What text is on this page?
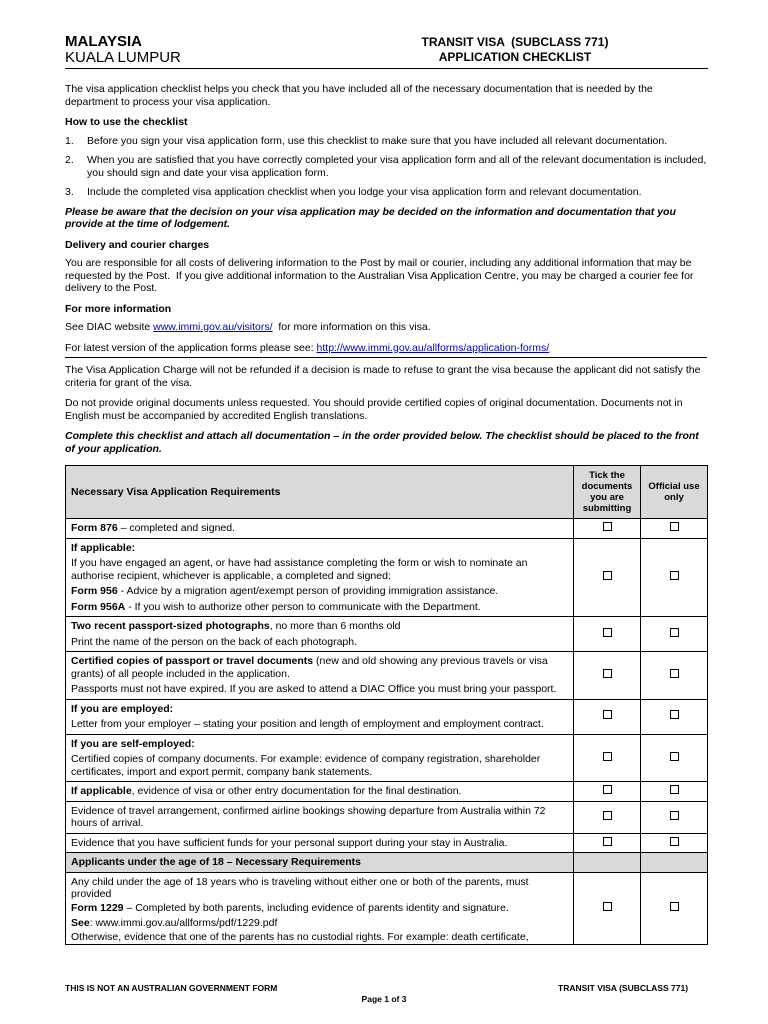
MALAYSIA
KUALA LUMPUR
TRANSIT VISA  (SUBCLASS 771)
APPLICATION CHECKLIST

The visa application checklist helps you check that you have included all of the necessary documentation that is needed by the department to process your visa application.

How to use the checklist

1.	Before you sign your visa application form, use this checklist to make sure that you have included all relevant documentation.
2.	When you are satisfied that you have correctly completed your visa application form and all of the relevant documentation is included, you should sign and date your visa application form.
3.	Include the completed visa application checklist when you lodge your visa application form and relevant documentation.

Please be aware that the decision on your visa application may be decided on the information and documentation that you provide at the time of lodgement.

Delivery and courier charges

You are responsible for all costs of delivering information to the Post by mail or courier, including any additional information that may be requested by the Post.  If you give additional information to the Australian Visa Application Centre, you may be charged a courier fee for delivery to the Post.

For more information

See DIAC website www.immi.gov.au/visitors/  for more information on this visa.

For latest version of the application forms please see: http://www.immi.gov.au/allforms/application-forms/

The Visa Application Charge will not be refunded if a decision is made to refuse to grant the visa because the applicant did not satisfy the criteria for grant of the visa.

Do not provide original documents unless requested. You should provide certified copies of original documentation. Documents not in English must be accompanied by accredited English translations.

Complete this checklist and attach all documentation – in the order provided below. The checklist should be placed to the front of your application.

Necessary Visa Application Requirements	Tick the documents you are submitting	Official use only
Form 876 – completed and signed.		

If applicable:
If you have engaged an agent, or have had assistance completing the form or wish to nominate an authorise recipient, whichever is applicable, a completed and signed:
Form 956 - Advice by a migration agent/exempt person of providing immigration assistance.
Form 956A - If you wish to authorize other person to communicate with the Department.		

Two recent passport-sized photographs, no more than 6 months old
Print the name of the person on the back of each photograph.		

Certified copies of passport or travel documents (new and old showing any previous travels or visa grants) of all people included in the application.
Passports must not have expired. If you are asked to attend a DIAC Office you must bring your passport.		

If you are employed:
Letter from your employer – stating your position and length of employment and employment contract.		

If you are self-employed:
Certified copies of company documents. For example: evidence of company registration, shareholder certificates, import and export permit, company bank statements.		

If applicable, evidence of visa or other entry documentation for the final destination.		
Evidence of travel arrangement, confirmed airline bookings showing departure from Australia within 72 hours of arrival.		
Evidence that you have sufficient funds for your personal support during your stay in Australia.		
Applicants under the age of 18 – Necessary Requirements		

Any child under the age of 18 years who is traveling without either one or both of the parents, must provided
Form 1229 – Completed by both parents, including evidence of parents identity and signature.
See: www.immi.gov.au/allforms/pdf/1229.pdf
Otherwise, evidence that one of the parents has no custodial rights. For example: death certificate,		

THIS IS NOT AN AUSTRALIAN GOVERNMENT FORM	TRANSIT VISA (SUBCLASS 771)
Page 1 of 3
